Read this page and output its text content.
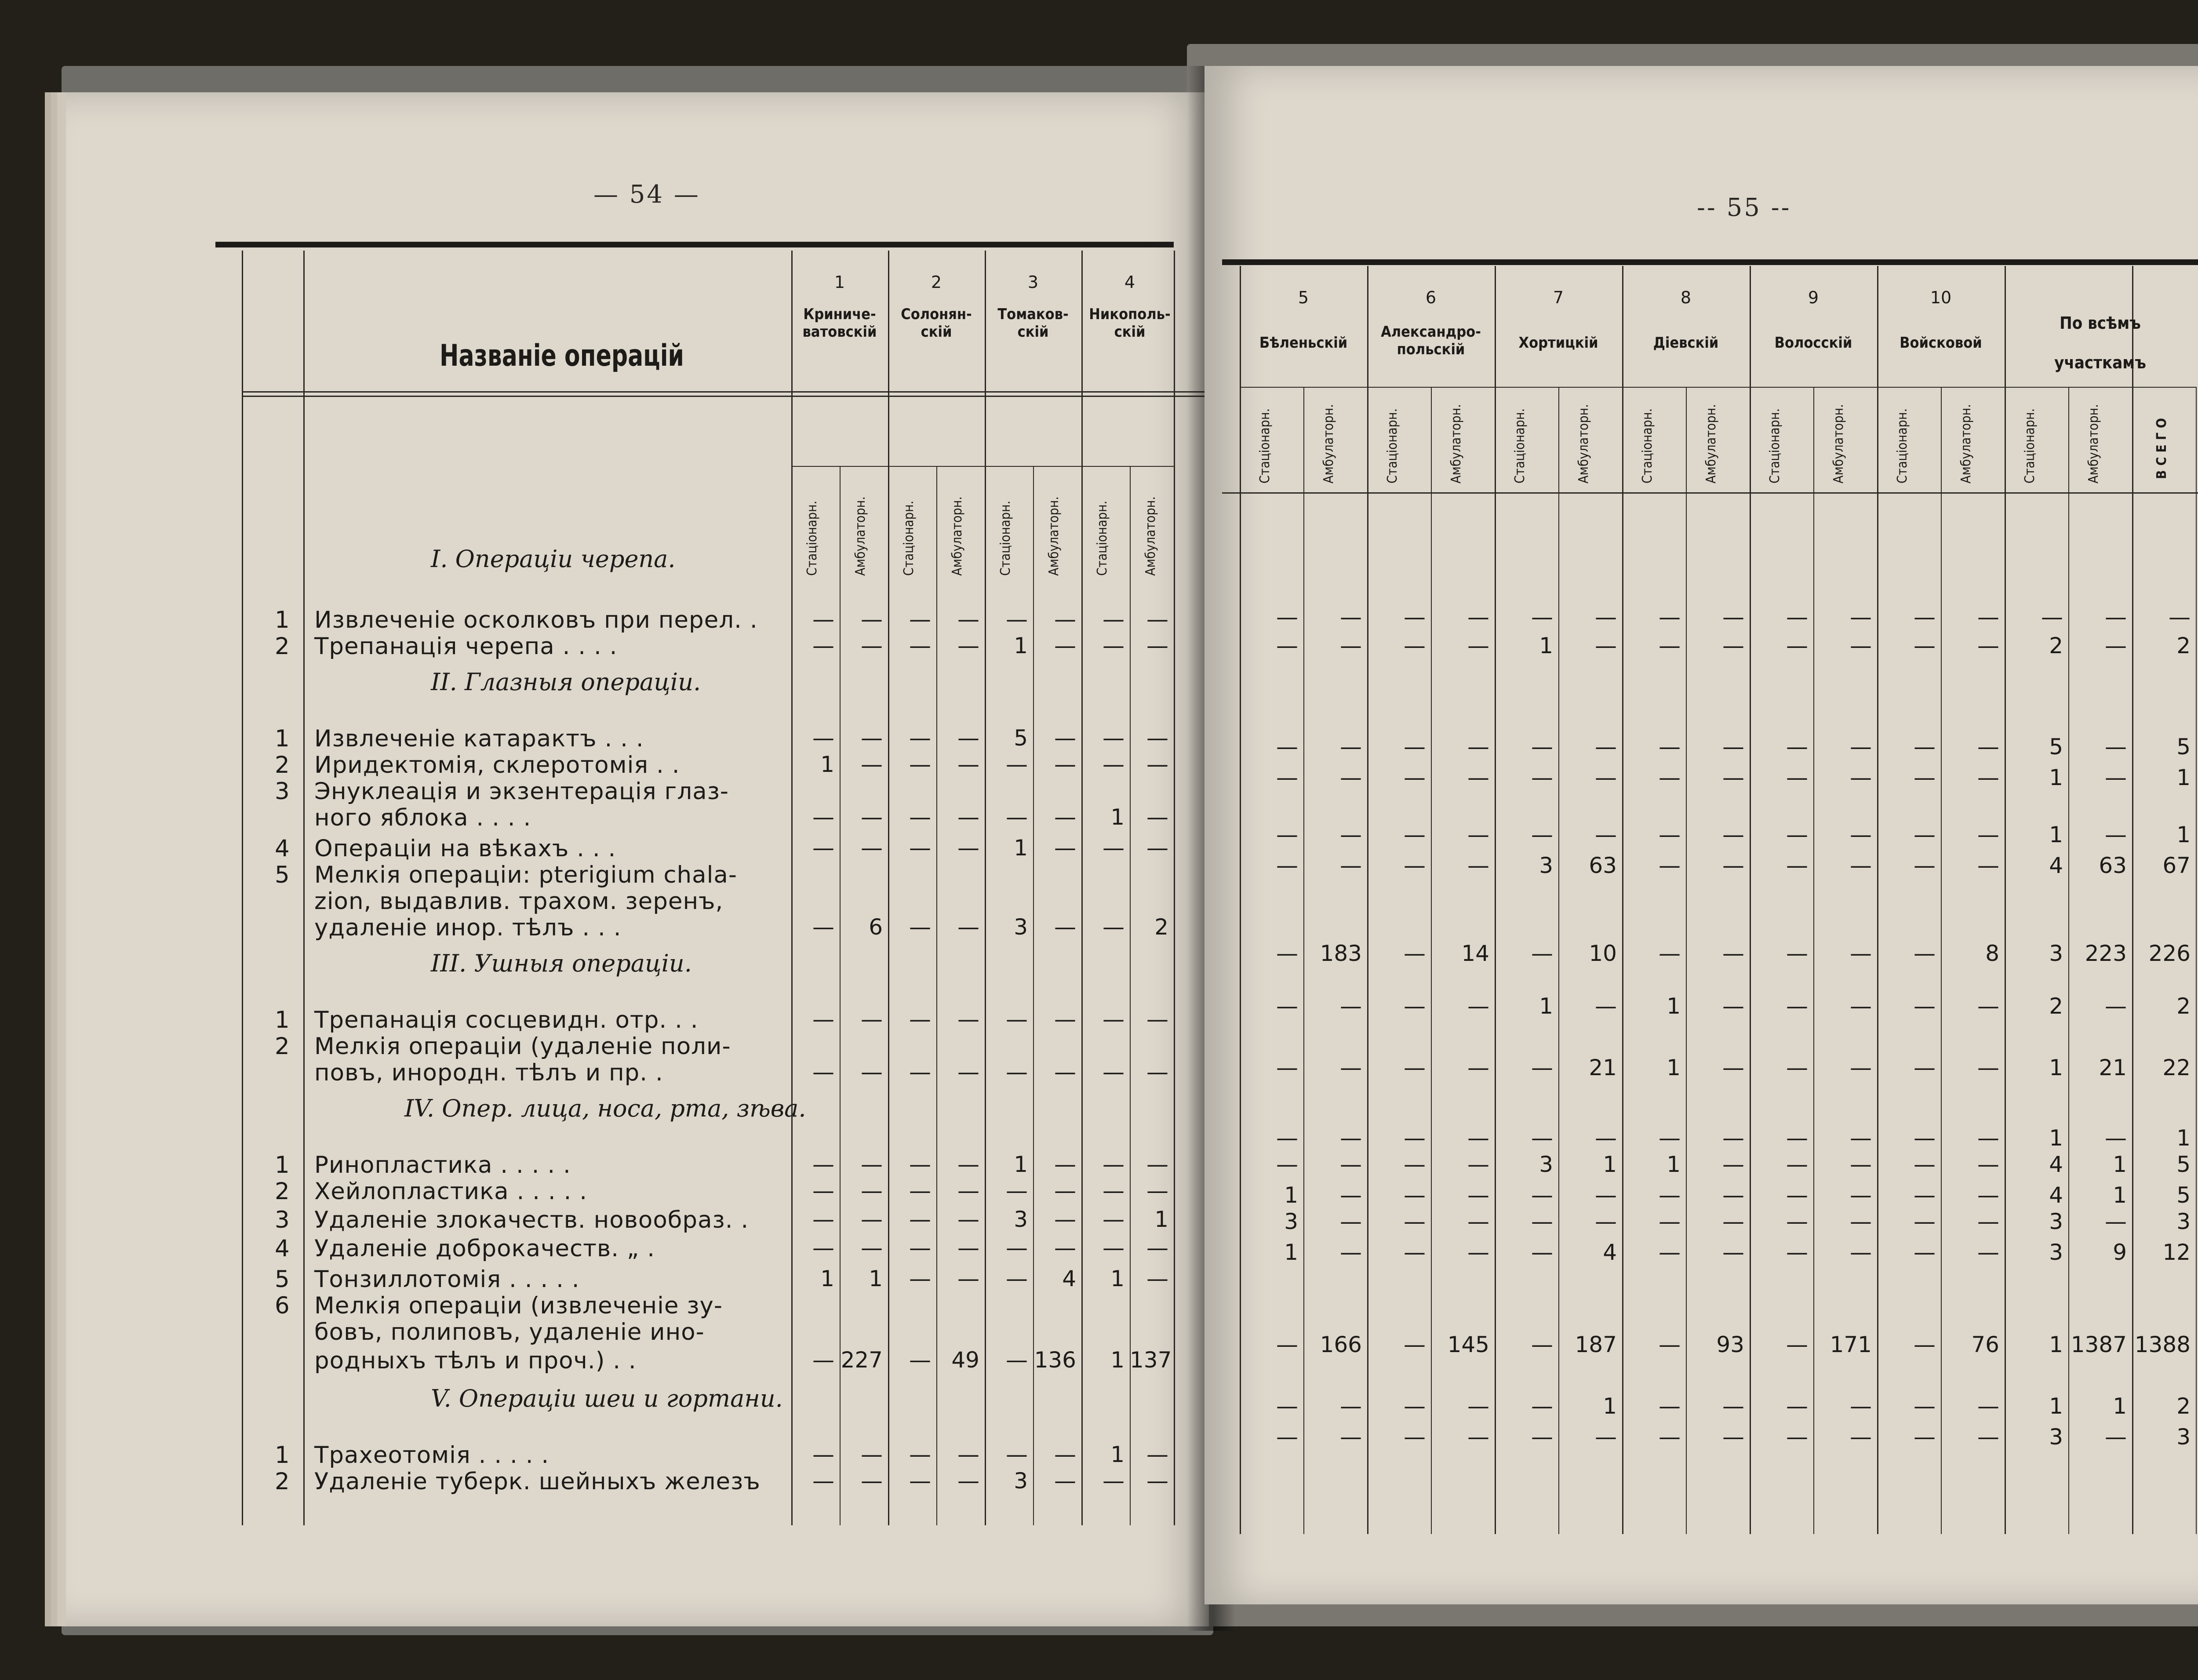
— 54 —
Названіе операцій
1
Криниче-
ватовскій
Стаціонарн.	Амбулаторн.
2
Солонян-
скій
Стаціонарн.	Амбулаторн.
3
Томаков-
скій
Стаціонарн.	Амбулаторн.
4
Никополь-
скій
Стаціонарн.	Амбулаторн.
I. Операціи черепа.
1 Извлеченіе осколковъ при перел. .	—	—	—	—	—	—	—	—
2 Трепанація черепа . . . .	—	—	—	—	1	—	—	—
II. Глазныя операціи.
1 Извлеченіе катарактъ . . .	—	—	—	—	5	—	—	—
2 Иридектомія, склеротомія . .	1	—	—	—	—	—	—	—
3 Энуклеація и экзентерація глаз-
ного яблока . . . .	—	—	—	—	—	—	1	—
4 Операціи на вѣкахъ . . .	—	—	—	—	1	—	—	—
5 Мелкія операціи: pterigium chala-
zion, выдавлив. трахом. зеренъ,
удаленіе инор. тѣлъ . . .	—	6	—	—	3	—	—	2
III. Ушныя операціи.
1 Трепанація сосцевидн. отр. . .	—	—	—	—	—	—	—	—
2 Мелкія операціи (удаленіе поли-
повъ, инородн. тѣлъ и пр. .	—	—	—	—	—	—	—	—
IV. Опер. лица, носа, рта, зѣва.
1 Ринопластика . . . . .	—	—	—	—	1	—	—	—
2 Хейлопластика . . . . .	—	—	—	—	—	—	—	—
3 Удаленіе злокачеств. новообраз. .	—	—	—	—	3	—	—	1
4 Удаленіе доброкачеств. „ .	—	—	—	—	—	—	—	—
5 Тонзиллотомія . . . . .	1	1	—	—	—	4	1	—
6 Мелкія операціи (извлеченіе зу-
бовъ, полиповъ, удаленіе ино-
родныхъ тѣлъ и проч.) . .	— 227	— 49	— 136	1 137
V. Операціи шеи и гортани.
1 Трахеотомія . . . . .	—	—	—	—	—	—	1	—
2 Удаленіе туберк. шейныхъ железъ	—	—	—	—	3	—	—	—
-- 55 --
5
Бѣленьскій
Стаціонарн.	Амбулаторн.
6
Александро-
польскій
Стаціонарн.	Амбулаторн.
7
Хортицкій
Стаціонарн.	Амбулаторн.
8
Діевскій
Стаціонарн.	Амбулаторн.
9
Волосскій
Стаціонарн.	Амбулаторн.
10
Войсковой
Стаціонарн.	Амбулаторн.
По всѣмъ
участкамъ
Стаціонарн.	Амбулаторн.	ВСЕГО
—	—	—	—	—	—	—	—	—	—	—	—	—	—	—
—	—	—	—	1	—	—	—	—	—	—	—	2	—	2
—	—	—	—	—	—	—	—	—	—	—	—	5	—	5
—	—	—	—	—	—	—	—	—	—	—	—	1	—	1
—	—	—	—	—	—	—	—	—	—	—	—	1	—	1
—	—	—	—	3	63	—	—	—	—	—	—	4	63	67
— 183	—	14	—	10	—	—	—	—	—	8	3 223 226
—	—	—	—	1	—	1	—	—	—	—	—	2	—	2
—	—	—	—	—	21	1	—	—	—	—	—	1	21	22
—	—	—	—	—	—	—	—	—	—	—	—	1	—	1
—	—	—	—	3	1	1	—	—	—	—	—	4	1	5
1	—	—	—	—	—	—	—	—	—	—	—	4	1	5
3	—	—	—	—	—	—	—	—	—	—	—	3	—	3
1	—	—	—	—	4	—	—	—	—	—	—	3	9	12
— 166	— 145	— 187	—	93	— 171	—	76	1 1387 1388
—	—	—	—	—	1	—	—	—	—	—	—	1	1	2
—	—	—	—	—	—	—	—	—	—	—	—	3	—	3
